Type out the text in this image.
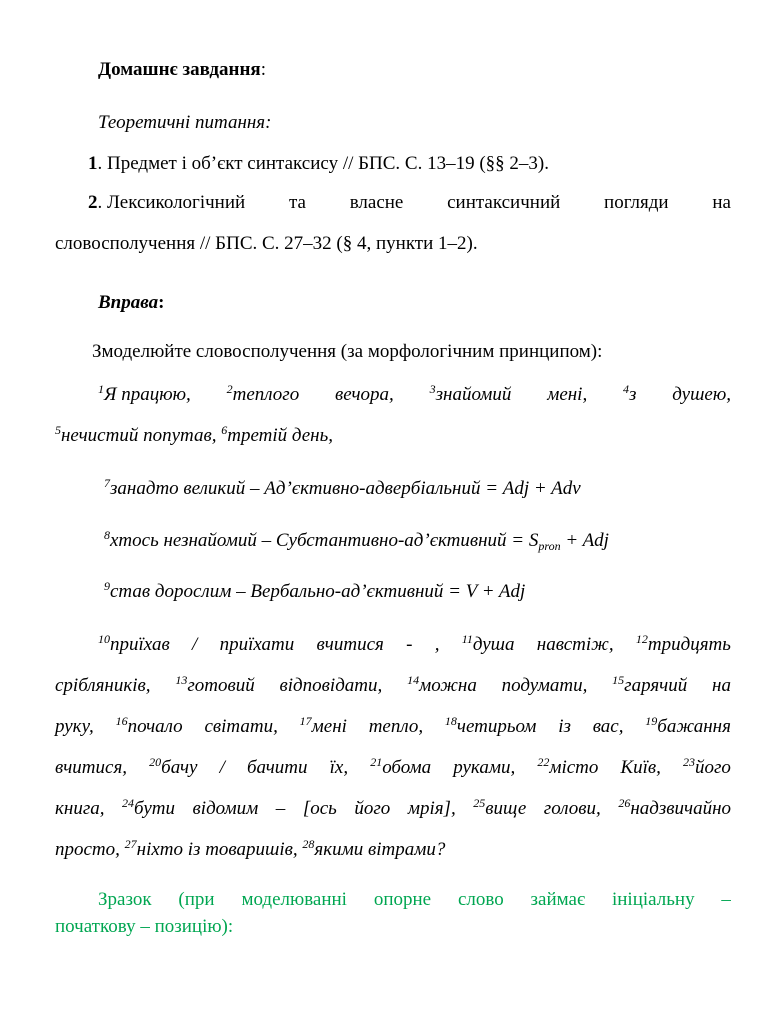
Домашнє завдання:
Теоретичні питання:
1. Предмет і об’єкт синтаксису // БПС. С. 13–19 (§§ 2–3).
2. Лексикологічний та власне синтаксичний погляди на
словосполучення // БПС. С. 27–32 (§ 4, пункти 1–2).
Вправа:
Змоделюйте словосполучення (за морфологічним принципом):
$^1$Я працюю,	$^2$теплого вечора,	$^3$знайомий мені,	$^4$з душею,
$^5$нечистий попутав, $^6$третій день,
$^7$занадто великий – Ад’єктивно-адвербіальний = Adj + Adv
$^8$хтось незнайомий – Субстантивно-ад’єктивний = $S_{pron}$ + Adj
$^9$став дорослим – Вербально-ад’єктивний = V + Adj
$^{10}$приїхав / приїхати вчитися - , $^{11}$душа навстіж, $^{12}$тридцять
срібляників, $^{13}$готовий відповідати, $^{14}$можна подумати, $^{15}$гарячий на
руку, $^{16}$почало світати, $^{17}$мені тепло, $^{18}$четирьом із вас, $^{19}$бажання
вчитися, $^{20}$бачу / бачити їх, $^{21}$обома руками, $^{22}$місто Київ, $^{23}$його
книга, $^{24}$бути відомим – [ось його мрія], $^{25}$вище голови, $^{26}$надзвичайно
просто, $^{27}$ніхто із товаришів, $^{28}$якими вітрами?
Зразок (при моделюванні опорне слово займає ініціальну –
початкову – позицію):
